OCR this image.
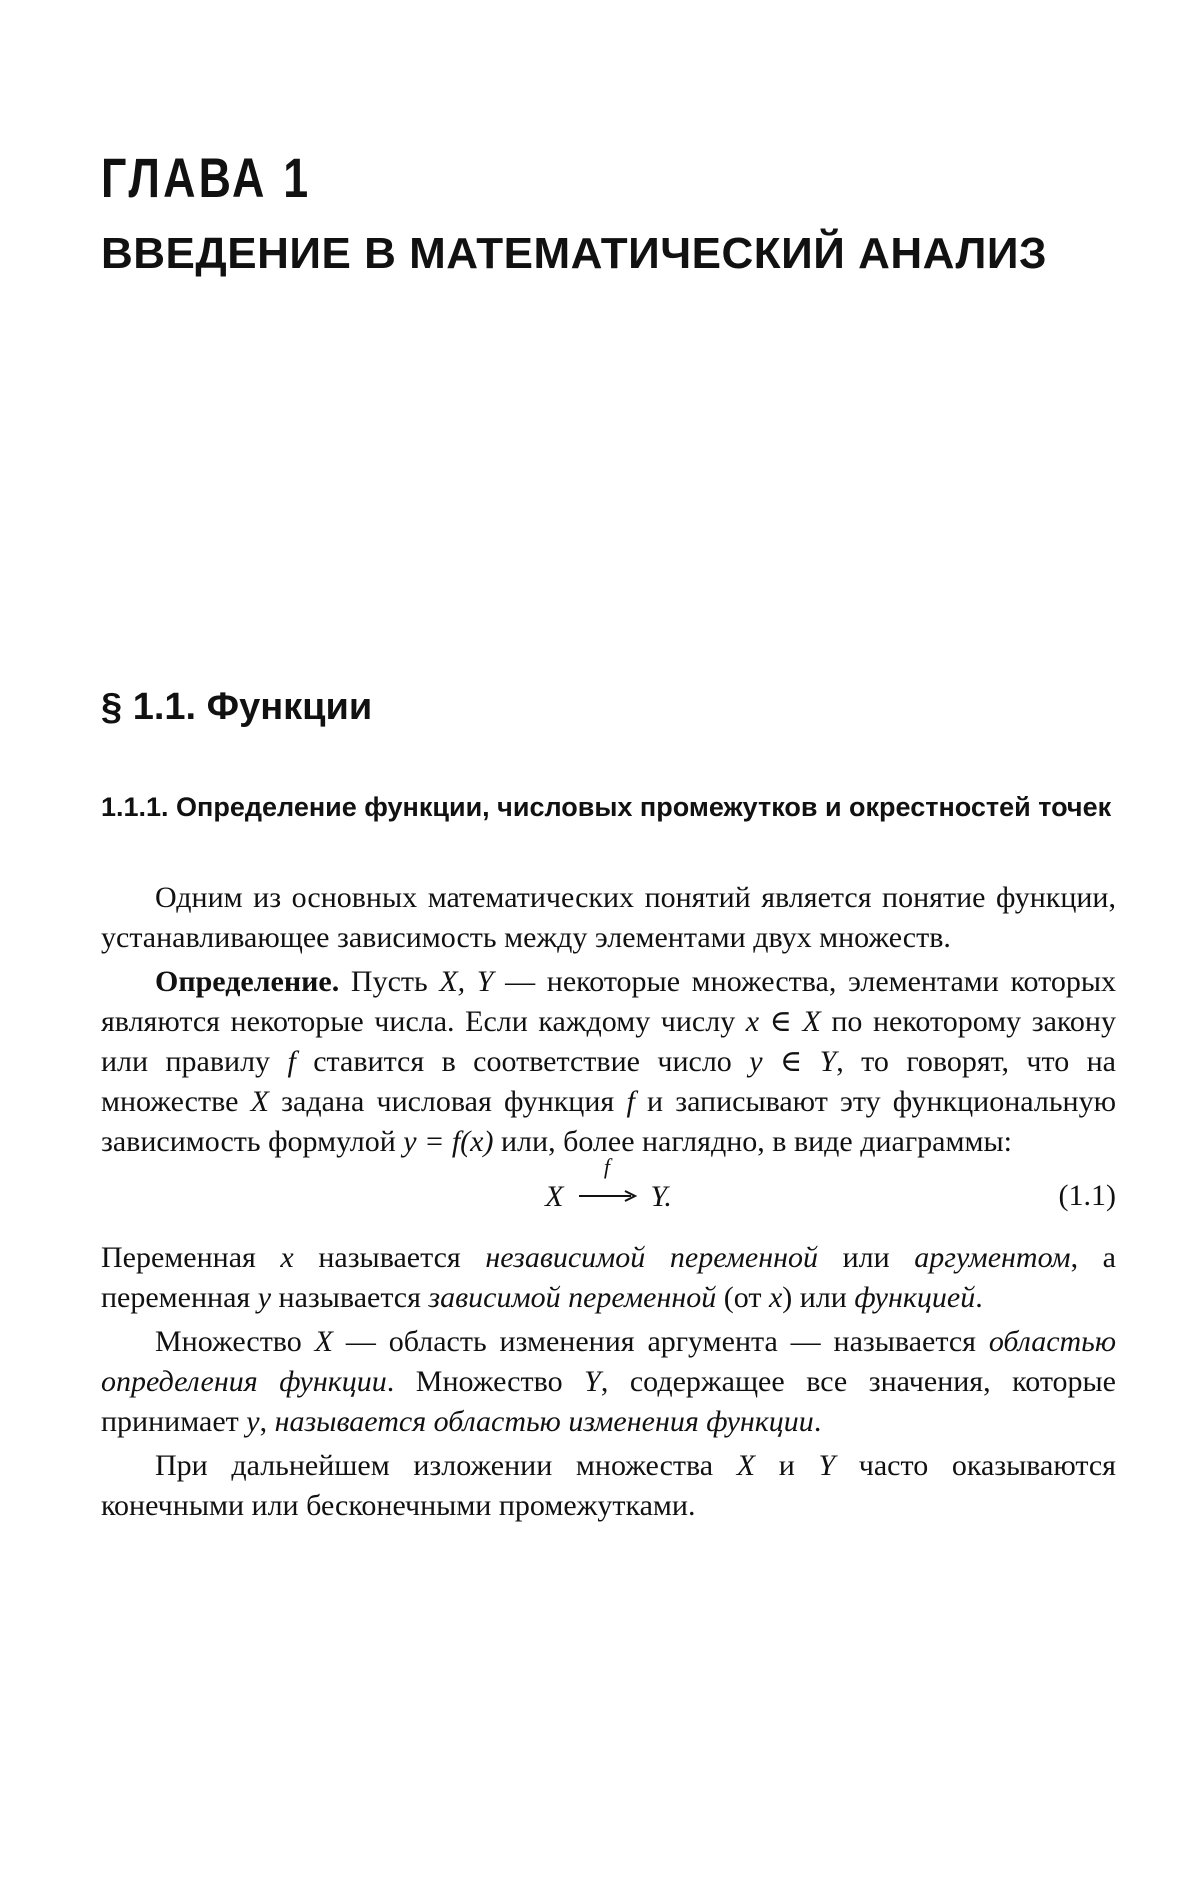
ГЛАВА 1
ВВЕДЕНИЕ В МАТЕМАТИЧЕСКИЙ АНАЛИЗ
§ 1.1. Функции
1.1.1. Определение функции, числовых промежутков и окрестностей точек

Одним из основных математических понятий является понятие функции, устанавливающее зависимость между элементами двух множеств.

Определение. Пусть X, Y — некоторые множества, элементами которых являются некоторые числа. Если каждому числу x ∈ X по некоторому закону или правилу f ставится в соответствие число y ∈ Y, то говорят, что на множестве X задана числовая функция f и записывают эту функциональную зависимость формулой y = f(x) или, более наглядно, в виде диаграммы:

X
f
Y.	(1.1)

Переменная x называется независимой переменной или аргументом, а переменная y называется зависимой переменной (от x) или функцией.

Множество X — область изменения аргумента — называется областью определения функции. Множество Y, содержащее все значения, которые принимает y, называется областью изменения функции.

При дальнейшем изложении множества X и Y часто оказываются конечными или бесконечными промежутками.
